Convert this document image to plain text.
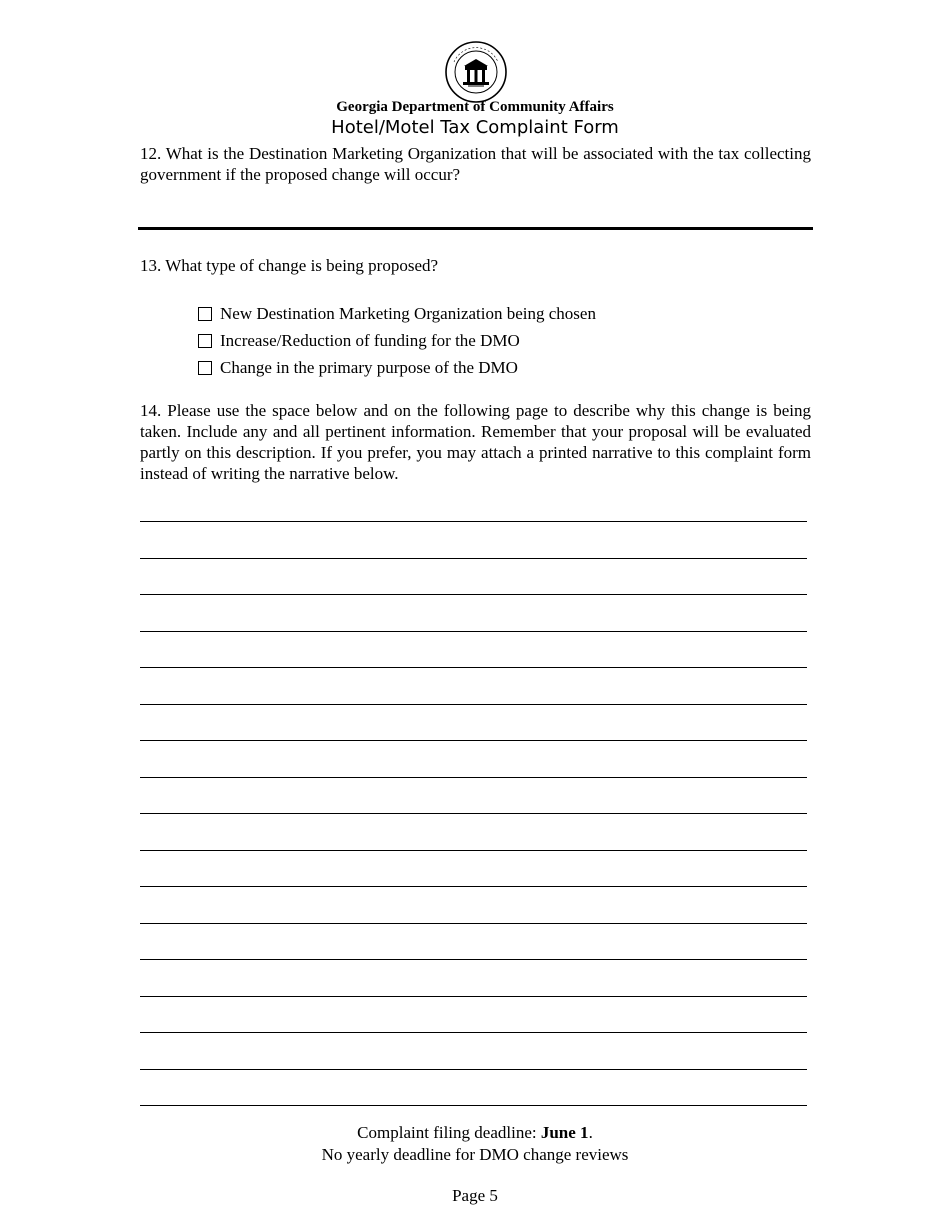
Georgia Department of Community Affairs
Hotel/Motel Tax Complaint Form
12. What is the Destination Marketing Organization that will be associated with the tax collecting government if the proposed change will occur?
13. What type of change is being proposed?
New Destination Marketing Organization being chosen
Increase/Reduction of funding for the DMO
Change in the primary purpose of the DMO
14. Please use the space below and on the following page to describe why this change is being taken. Include any and all pertinent information. Remember that your proposal will be evaluated partly on this description. If you prefer, you may attach a printed narrative to this complaint form instead of writing the narrative below.
Complaint filing deadline: June 1.
No yearly deadline for DMO change reviews
Page 5
